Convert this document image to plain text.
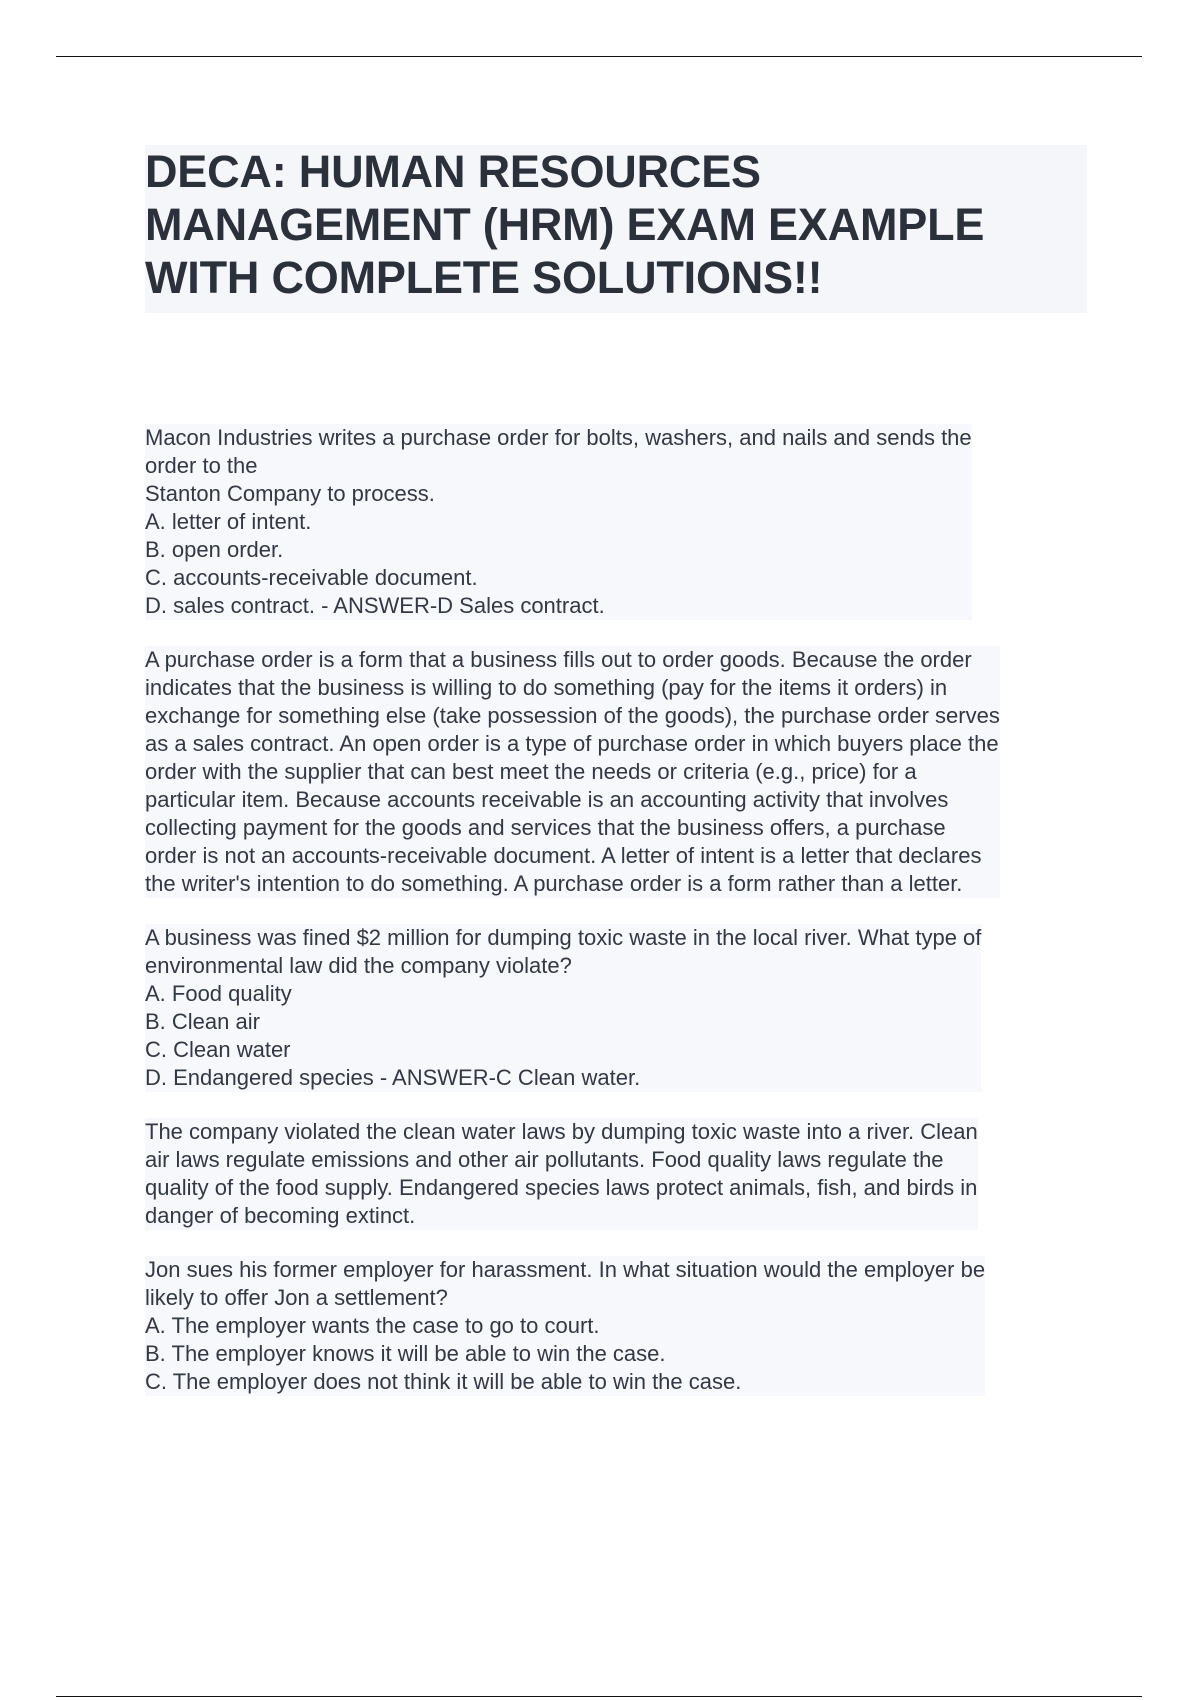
DECA: HUMAN RESOURCES
MANAGEMENT (HRM) EXAM EXAMPLE
WITH COMPLETE SOLUTIONS!!
Macon Industries writes a purchase order for bolts, washers, and nails and sends the
order to the
Stanton Company to process.
A. letter of intent.
B. open order.
C. accounts-receivable document.
D. sales contract. - ANSWER-D Sales contract.
A purchase order is a form that a business fills out to order goods. Because the order
indicates that the business is willing to do something (pay for the items it orders) in
exchange for something else (take possession of the goods), the purchase order serves
as a sales contract. An open order is a type of purchase order in which buyers place the
order with the supplier that can best meet the needs or criteria (e.g., price) for a
particular item. Because accounts receivable is an accounting activity that involves
collecting payment for the goods and services that the business offers, a purchase
order is not an accounts-receivable document. A letter of intent is a letter that declares
the writer's intention to do something. A purchase order is a form rather than a letter.
A business was fined $2 million for dumping toxic waste in the local river. What type of
environmental law did the company violate?
A. Food quality
B. Clean air
C. Clean water
D. Endangered species - ANSWER-C Clean water.
The company violated the clean water laws by dumping toxic waste into a river. Clean
air laws regulate emissions and other air pollutants. Food quality laws regulate the
quality of the food supply. Endangered species laws protect animals, fish, and birds in
danger of becoming extinct.
Jon sues his former employer for harassment. In what situation would the employer be
likely to offer Jon a settlement?
A. The employer wants the case to go to court.
B. The employer knows it will be able to win the case.
C. The employer does not think it will be able to win the case.
